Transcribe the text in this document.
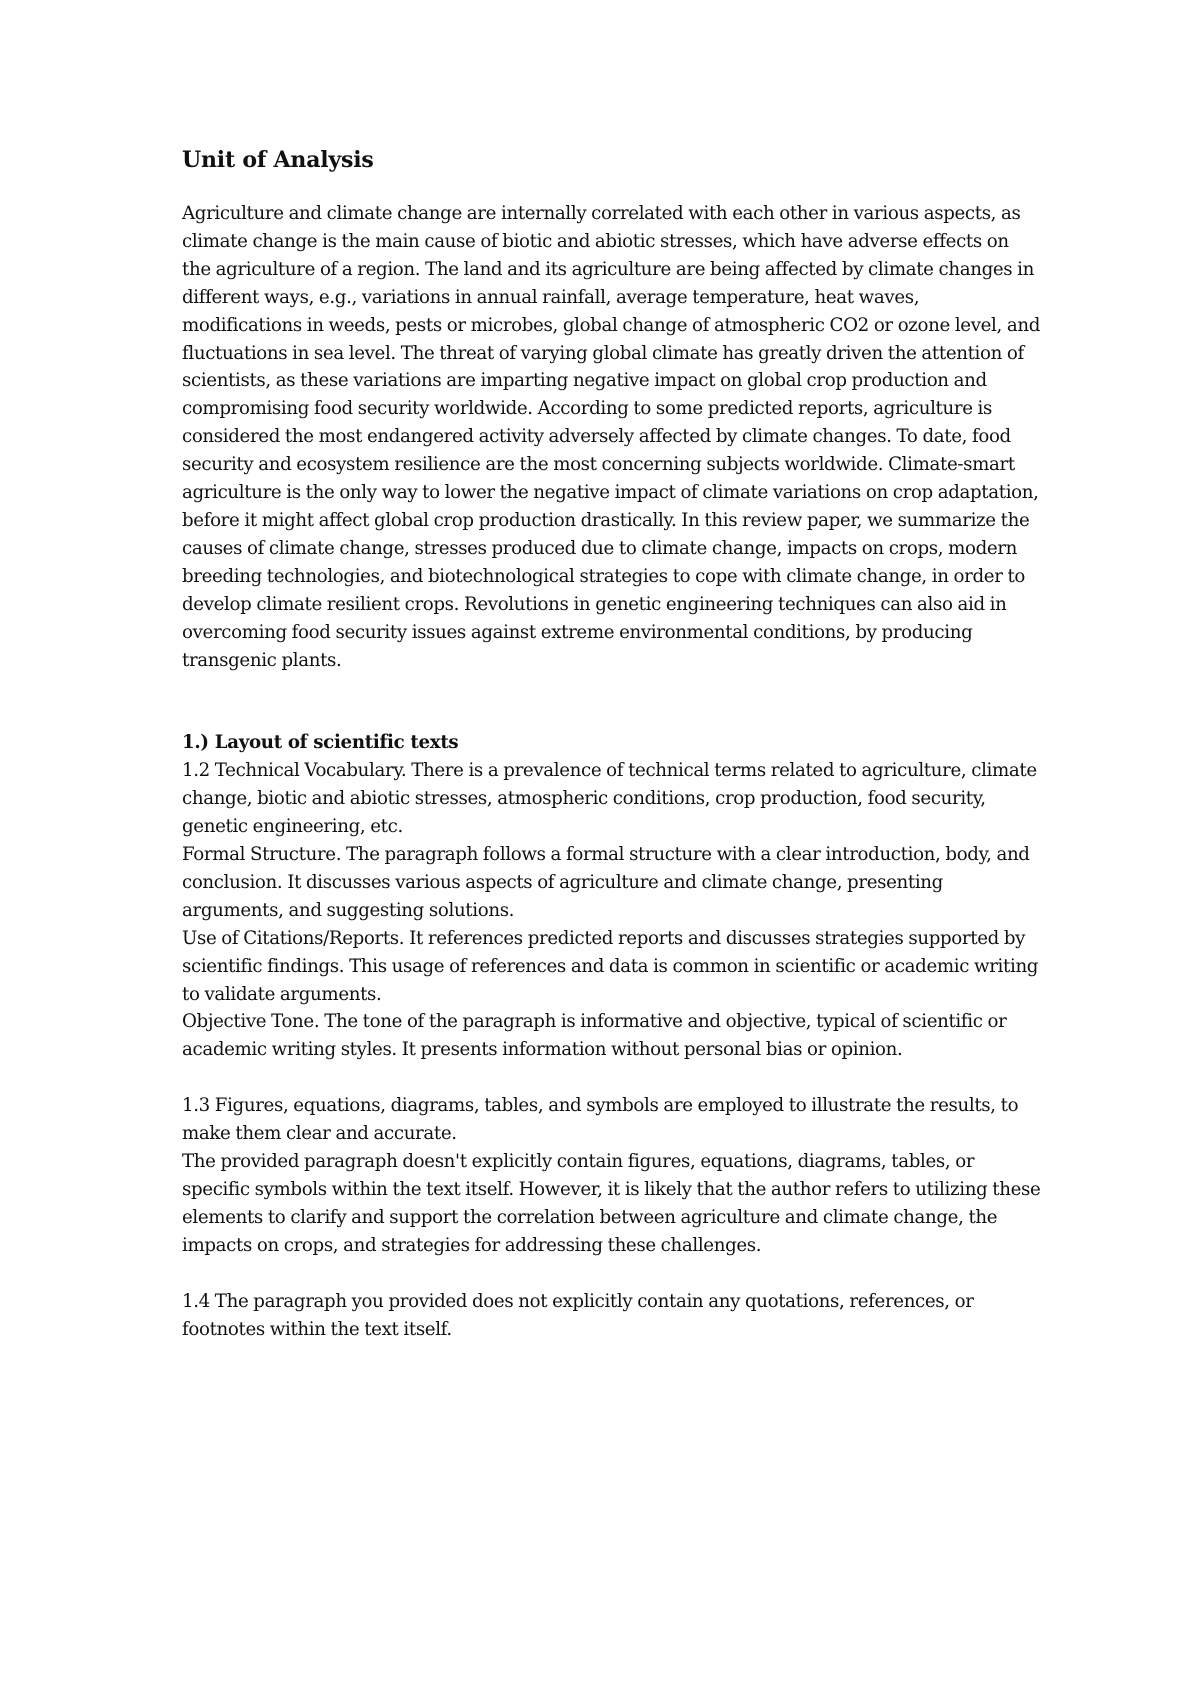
Unit of Analysis

Agriculture and climate change are internally correlated with each other in various aspects, as climate change is the main cause of biotic and abiotic stresses, which have adverse effects on the agriculture of a region. The land and its agriculture are being affected by climate changes in different ways, e.g., variations in annual rainfall, average temperature, heat waves, modifications in weeds, pests or microbes, global change of atmospheric CO2 or ozone level, and fluctuations in sea level. The threat of varying global climate has greatly driven the attention of scientists, as these variations are imparting negative impact on global crop production and compromising food security worldwide. According to some predicted reports, agriculture is considered the most endangered activity adversely affected by climate changes. To date, food security and ecosystem resilience are the most concerning subjects worldwide. Climate-smart agriculture is the only way to lower the negative impact of climate variations on crop adaptation, before it might affect global crop production drastically. In this review paper, we summarize the causes of climate change, stresses produced due to climate change, impacts on crops, modern breeding technologies, and biotechnological strategies to cope with climate change, in order to develop climate resilient crops. Revolutions in genetic engineering techniques can also aid in overcoming food security issues against extreme environmental conditions, by producing transgenic plants.

1.) Layout of scientific texts

1.2 Technical Vocabulary. There is a prevalence of technical terms related to agriculture, climate change, biotic and abiotic stresses, atmospheric conditions, crop production, food security, genetic engineering, etc.

Formal Structure. The paragraph follows a formal structure with a clear introduction, body, and conclusion. It discusses various aspects of agriculture and climate change, presenting arguments, and suggesting solutions.

Use of Citations/Reports. It references predicted reports and discusses strategies supported by scientific findings. This usage of references and data is common in scientific or academic writing to validate arguments.

Objective Tone. The tone of the paragraph is informative and objective, typical of scientific or academic writing styles. It presents information without personal bias or opinion.

1.3 Figures, equations, diagrams, tables, and symbols are employed to illustrate the results, to make them clear and accurate.

The provided paragraph doesn't explicitly contain figures, equations, diagrams, tables, or specific symbols within the text itself. However, it is likely that the author refers to utilizing these elements to clarify and support the correlation between agriculture and climate change, the impacts on crops, and strategies for addressing these challenges.

1.4 The paragraph you provided does not explicitly contain any quotations, references, or footnotes within the text itself.
